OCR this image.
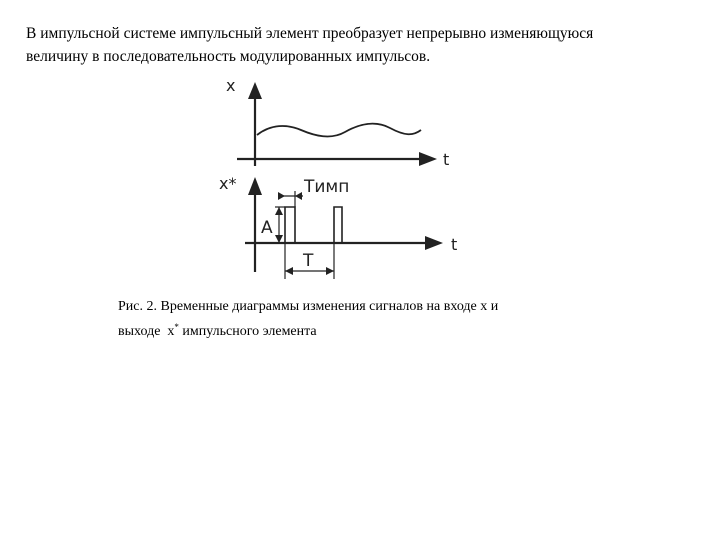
В импульсной системе импульсный элемент преобразует непрерывно изменяющуюся
величину в последовательность модулированных импульсов.

x
t
x*
t
Tимп
A
T

Рис. 2. Временные диаграммы изменения сигналов на входе x и
выходе  x* импульсного элемента
